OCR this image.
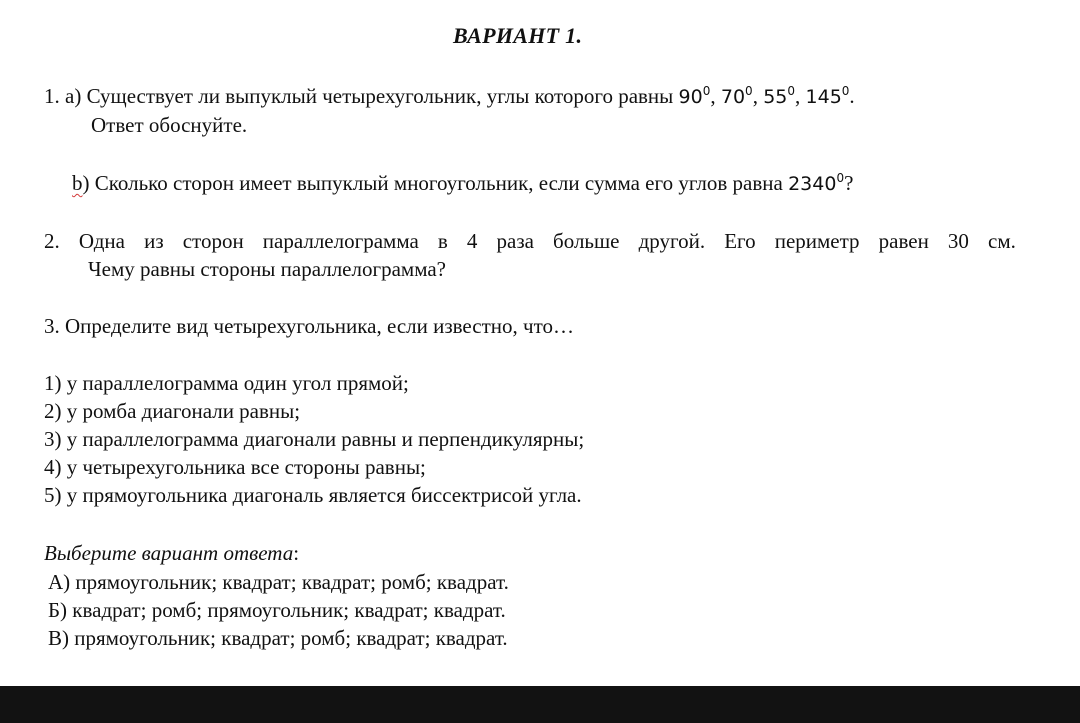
ВАРИАНТ 1.
1. а) Существует ли выпуклый четырехугольник, углы которого равны $90^0$, $70^0$, $55^0$, $145^0$.
Ответ обоснуйте.
b) Сколько сторон имеет выпуклый многоугольник, если сумма его углов равна 2340$^0$?
2. Одна из сторон параллелограмма в 4 раза больше другой. Его периметр равен 30 см.
Чему равны стороны параллелограмма?
3. Определите вид четырехугольника, если известно, что…
1) у параллелограмма один угол прямой;
2) у ромба диагонали равны;
3) у параллелограмма диагонали равны и перпендикулярны;
4) у четырехугольника все стороны равны;
5) у прямоугольника диагональ является биссектрисой угла.
Выберите вариант ответа:
А) прямоугольник; квадрат; квадрат; ромб; квадрат.
Б) квадрат; ромб; прямоугольник; квадрат; квадрат.
В) прямоугольник; квадрат; ромб; квадрат; квадрат.
